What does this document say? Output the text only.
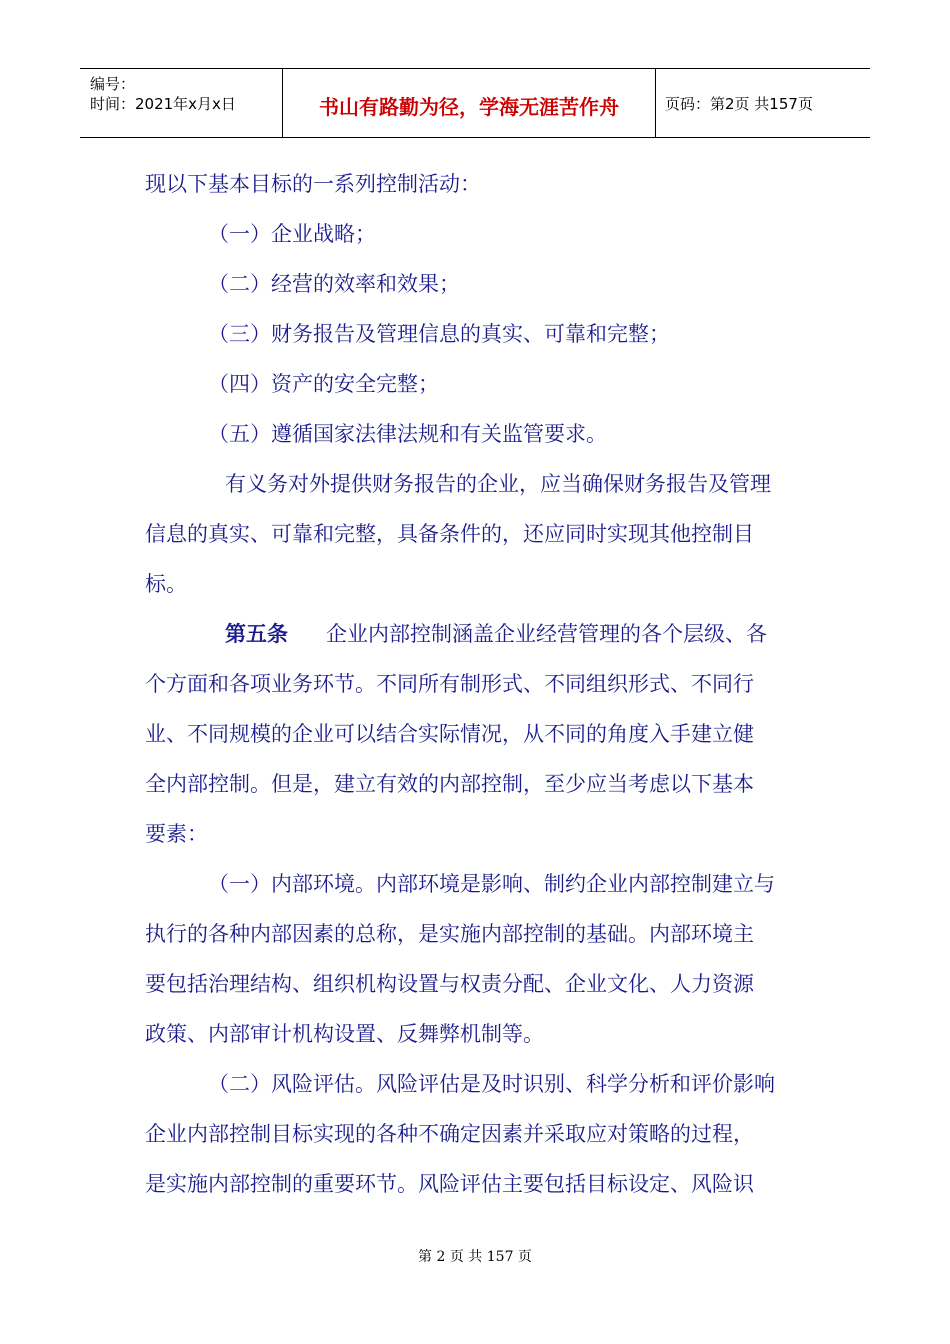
编号：
时间：2021年x月x日	书山有路勤为径，学海无涯苦作舟	页码：第2页 共157页
现以下基本目标的一系列控制活动：
（一）企业战略；
（二）经营的效率和效果；
（三）财务报告及管理信息的真实、可靠和完整；
（四）资产的安全完整；
（五）遵循国家法律法规和有关监管要求。
有义务对外提供财务报告的企业，应当确保财务报告及管理
信息的真实、可靠和完整，具备条件的，还应同时实现其他控制目
标。
第五条 企业内部控制涵盖企业经营管理的各个层级、各
个方面和各项业务环节。不同所有制形式、不同组织形式、不同行
业、不同规模的企业可以结合实际情况，从不同的角度入手建立健
全内部控制。但是，建立有效的内部控制，至少应当考虑以下基本
要素：
（一）内部环境。内部环境是影响、制约企业内部控制建立与
执行的各种内部因素的总称，是实施内部控制的基础。内部环境主
要包括治理结构、组织机构设置与权责分配、企业文化、人力资源
政策、内部审计机构设置、反舞弊机制等。
（二）风险评估。风险评估是及时识别、科学分析和评价影响
企业内部控制目标实现的各种不确定因素并采取应对策略的过程，
是实施内部控制的重要环节。风险评估主要包括目标设定、风险识
第 2 页 共 157 页
